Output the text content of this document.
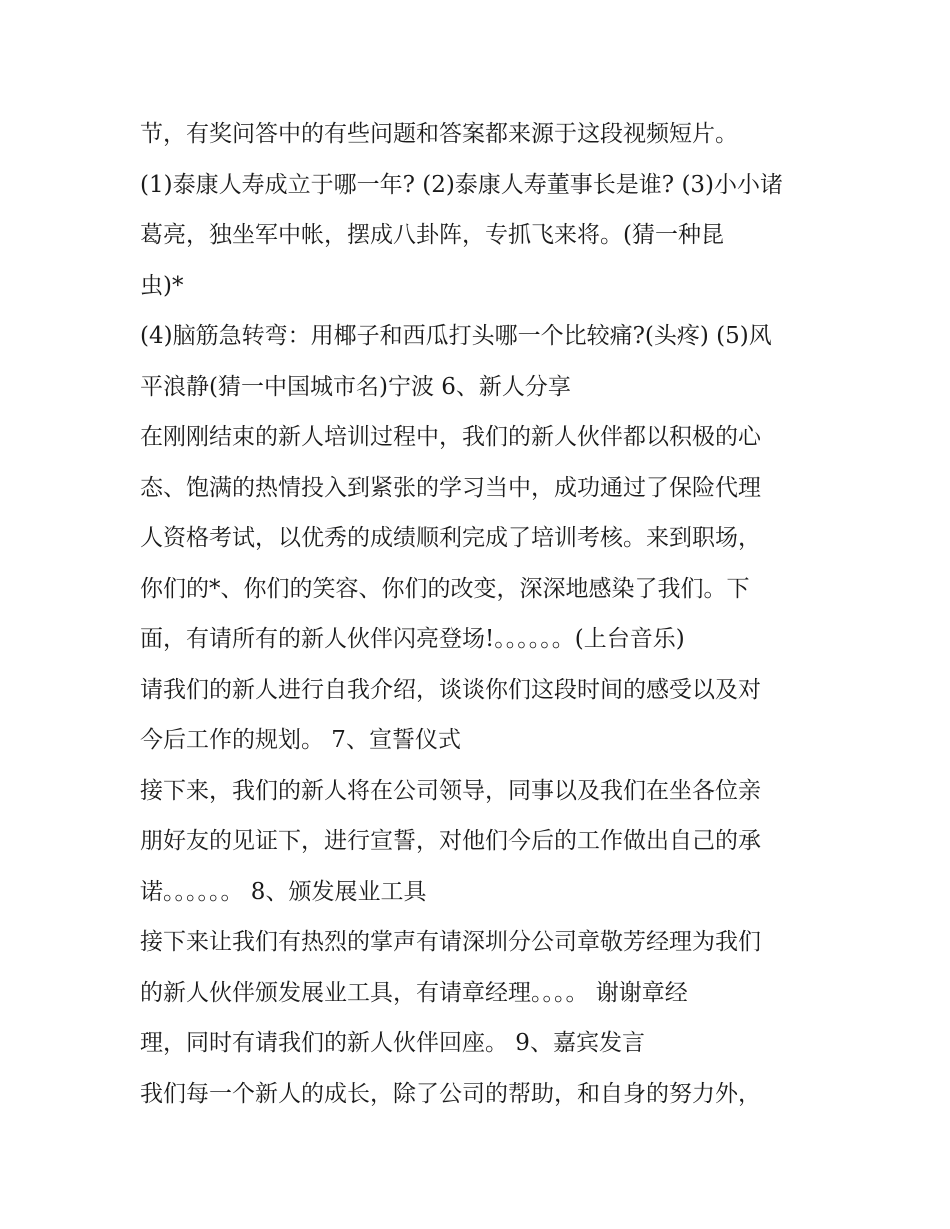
节，有奖问答中的有些问题和答案都来源于这段视频短片。
(1)泰康人寿成立于哪一年? (2)泰康人寿董事长是谁? (3)小小诸
葛亮，独坐军中帐，摆成八卦阵，专抓飞来将。(猜一种昆
虫)*
(4)脑筋急转弯：用椰子和西瓜打头哪一个比较痛?(头疼) (5)风
平浪静(猜一中国城市名)宁波 6、新人分享
在刚刚结束的新人培训过程中，我们的新人伙伴都以积极的心
态、饱满的热情投入到紧张的学习当中，成功通过了保险代理
人资格考试，以优秀的成绩顺利完成了培训考核。来到职场，
你们的*、你们的笑容、你们的改变，深深地感染了我们。下
面，有请所有的新人伙伴闪亮登场!。。。。。。(上台音乐)
请我们的新人进行自我介绍，谈谈你们这段时间的感受以及对
今后工作的规划。 7、宣誓仪式
接下来，我们的新人将在公司领导，同事以及我们在坐各位亲
朋好友的见证下，进行宣誓，对他们今后的工作做出自己的承
诺。。。。。。 8、颁发展业工具
接下来让我们有热烈的掌声有请深圳分公司章敬芳经理为我们
的新人伙伴颁发展业工具，有请章经理。。。。 谢谢章经
理，同时有请我们的新人伙伴回座。 9、嘉宾发言
我们每一个新人的成长，除了公司的帮助，和自身的努力外，
